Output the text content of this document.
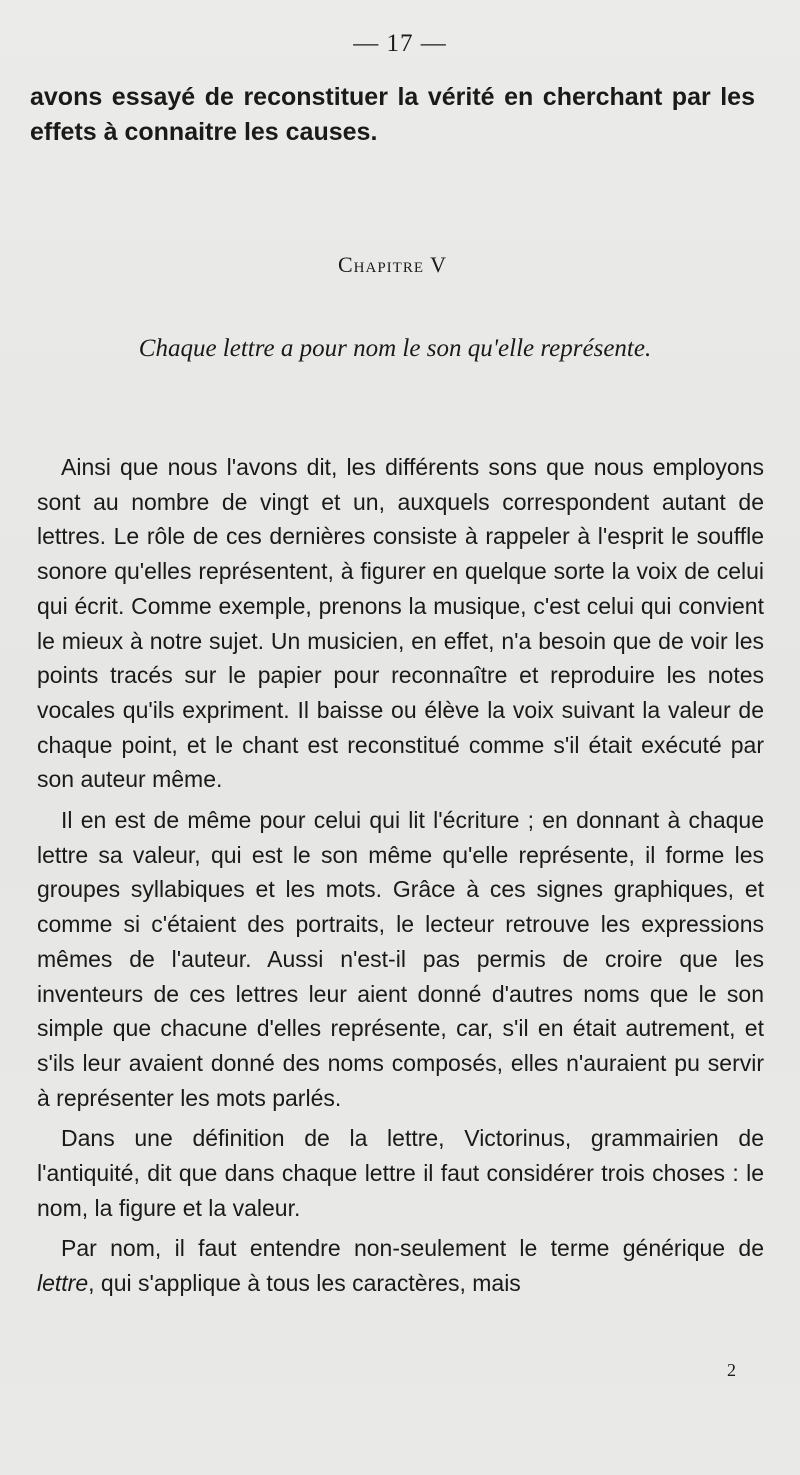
— 17 —

avons essayé de reconstituer la vérité en cherchant par les effets à connaitre les causes.

Chapitre V
Chaque lettre a pour nom le son qu'elle représente.

Ainsi que nous l'avons dit, les différents sons que nous employons sont au nombre de vingt et un, auxquels correspondent autant de lettres. Le rôle de ces dernières consiste à rappeler à l'esprit le souffle sonore qu'elles représentent, à figurer en quelque sorte la voix de celui qui écrit. Comme exemple, prenons la musique, c'est celui qui convient le mieux à notre sujet. Un musicien, en effet, n'a besoin que de voir les points tracés sur le papier pour reconnaître et reproduire les notes vocales qu'ils expriment. Il baisse ou élève la voix suivant la valeur de chaque point, et le chant est reconstitué comme s'il était exécuté par son auteur même.

Il en est de même pour celui qui lit l'écriture ; en donnant à chaque lettre sa valeur, qui est le son même qu'elle représente, il forme les groupes syllabiques et les mots. Grâce à ces signes graphiques, et comme si c'étaient des portraits, le lecteur retrouve les expressions mêmes de l'auteur. Aussi n'est-il pas permis de croire que les inventeurs de ces lettres leur aient donné d'autres noms que le son simple que chacune d'elles représente, car, s'il en était autrement, et s'ils leur avaient donné des noms composés, elles n'auraient pu servir à représenter les mots parlés.

Dans une définition de la lettre, Victorinus, grammairien de l'antiquité, dit que dans chaque lettre il faut considérer trois choses : le nom, la figure et la valeur.

Par nom, il faut entendre non-seulement le terme générique de lettre, qui s'applique à tous les caractères, mais

2
